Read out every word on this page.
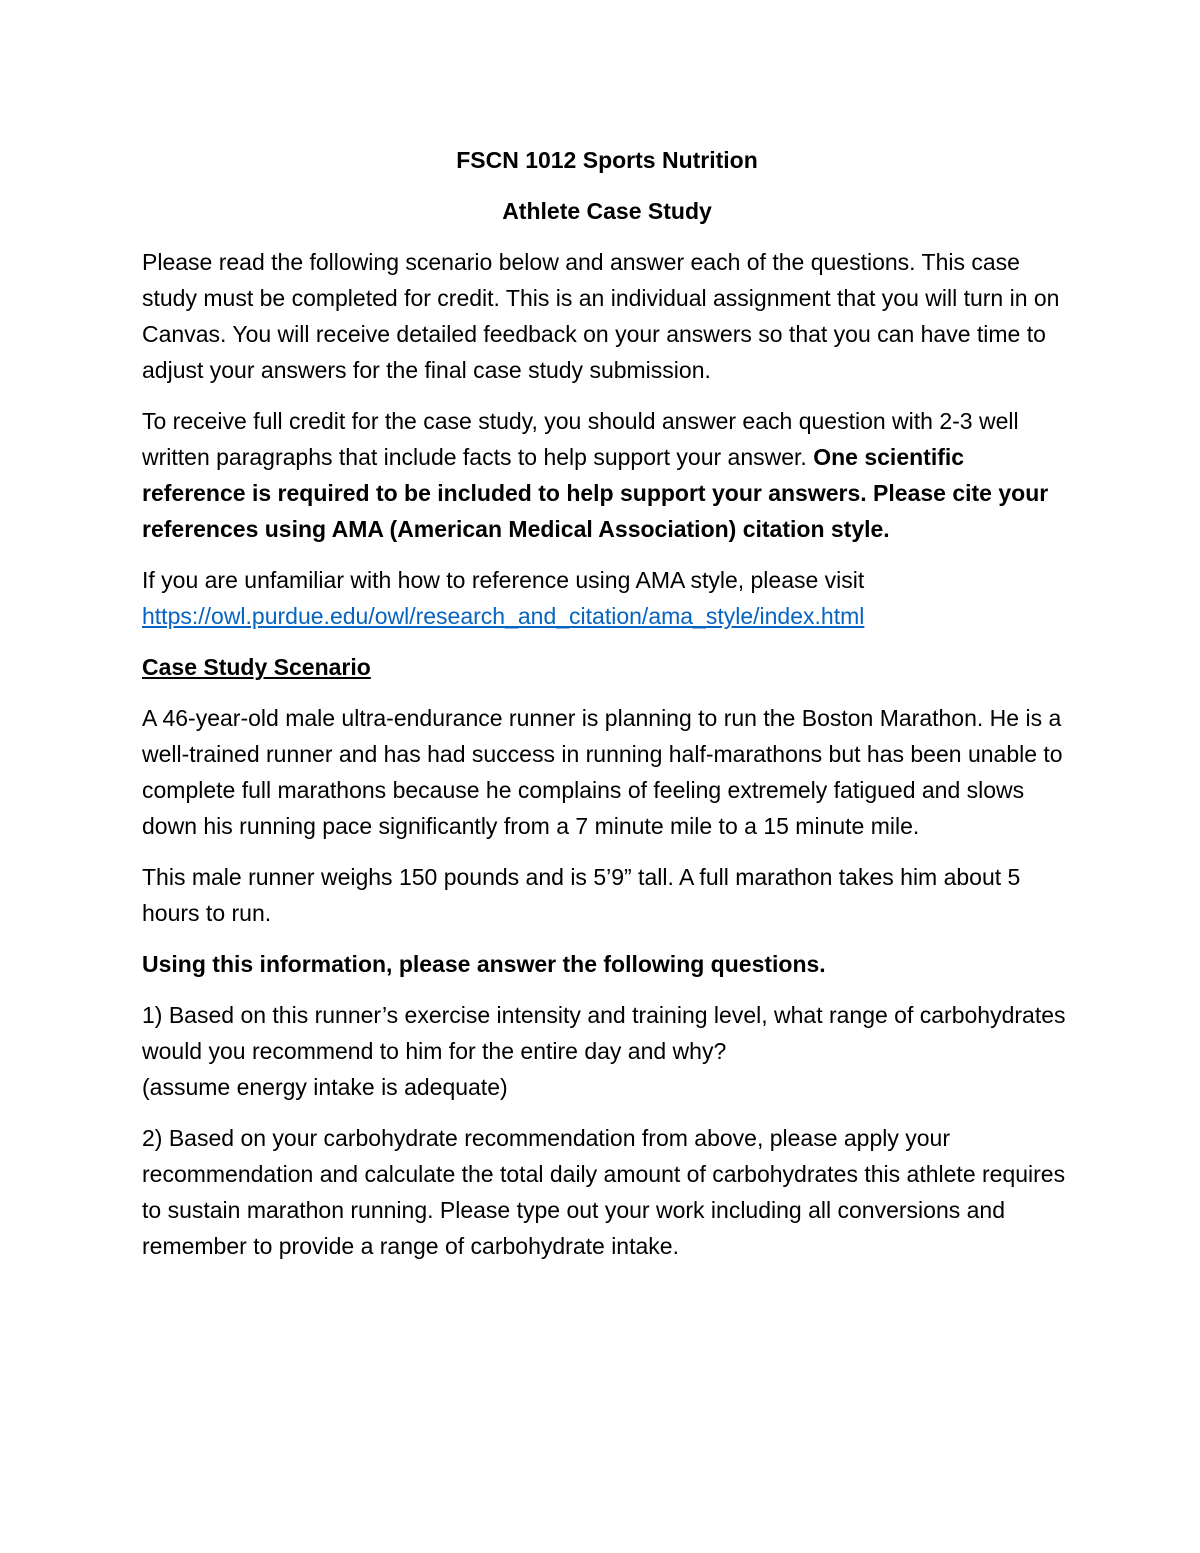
FSCN 1012 Sports Nutrition

Athlete Case Study

Please read the following scenario below and answer each of the questions. This case study must be completed for credit. This is an individual assignment that you will turn in on Canvas. You will receive detailed feedback on your answers so that you can have time to adjust your answers for the final case study submission.

To receive full credit for the case study, you should answer each question with 2-3 well written paragraphs that include facts to help support your answer. One scientific reference is required to be included to help support your answers. Please cite your references using AMA (American Medical Association) citation style.

If you are unfamiliar with how to reference using AMA style, please visit
https://owl.purdue.edu/owl/research_and_citation/ama_style/index.html

Case Study Scenario

A 46-year-old male ultra-endurance runner is planning to run the Boston Marathon. He is a well-trained runner and has had success in running half-marathons but has been unable to complete full marathons because he complains of feeling extremely fatigued and slows down his running pace significantly from a 7 minute mile to a 15 minute mile.

This male runner weighs 150 pounds and is 5’9” tall. A full marathon takes him about 5 hours to run.

Using this information, please answer the following questions.

1) Based on this runner’s exercise intensity and training level, what range of carbohydrates would you recommend to him for the entire day and why?
(assume energy intake is adequate)

2) Based on your carbohydrate recommendation from above, please apply your recommendation and calculate the total daily amount of carbohydrates this athlete requires to sustain marathon running. Please type out your work including all conversions and remember to provide a range of carbohydrate intake.
